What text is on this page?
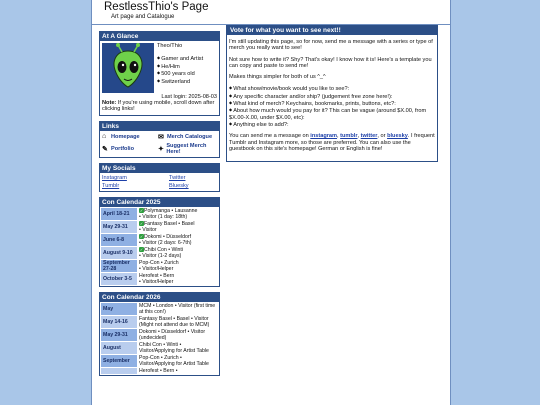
RestlessThio's Page
Art page and Catalogue
At A Glance
Theo/Thio
◆ Gamer and Artist
◆ He/Him
◆ 500 years old
◆ Switzerland
Last login: 2025-08-03
Note: If you're using mobile, scroll down after clicking links!
Links
⌂ Homepage	✉ Merch Catalogue
✎ Portfolio	✦ Suggest Merch Here!
My Socials
Instagram	Twitter
Tumblr	Bluesky
Con Calendar 2025
April 18-21	✓Polymanga • Lausanne
• Visitor (1 day: 18th)
May 29-31	✓Fantasy Basel • Basel
• Visitor
June 6-8	✓Dokomi • Düsseldorf
• Visitor (2 days: 6-7th)
August 9-10	✓Chibi Con • Winti
• Visitor (1-2 days)
September 27-28	Pop-Con • Zurich
• Visitor/Helper
October 3-5	Herofest • Bern
• Visitor/Helper
Con Calendar 2026
May	MCM • London • Visitor (first time at this con!)
May 14-16	Fantasy Basel • Basel • Visitor (Might not attend due to MCM)
May 29-31	Dokomi • Düsseldorf • Visitor (undecided)
August	Chibi Con • Winti • Visitor/Applying for Artist Table
September	Pop-Con • Zurich • Visitor/Applying for Artist Table
	Herofest • Bern •
Vote for what you want to see next!!

I'm still updating this page, so for now, send me a message with a series or type of merch you really want to see!

Not sure how to write it? Shy? That's okay! I know how it is! Here's a template you can copy and paste to send me!

Makes things simpler for both of us ^_^

◆ What show/movie/book would you like to see?:
◆ Any specific character and/or ship? (judgement free zone here!):
◆ What kind of merch? Keychains, bookmarks, prints, buttons, etc?:
◆ About how much would you pay for it? This can be vague (around $X.00, from $X.00-X.00, under $X.00, etc):
◆ Anything else to add?:

You can send me a message on instagram, tumblr, twitter, or bluesky. I frequent Tumblr and Instagram more, so those are preferred. You can also use the guestbook on this site's homepage! German or English is fine!
